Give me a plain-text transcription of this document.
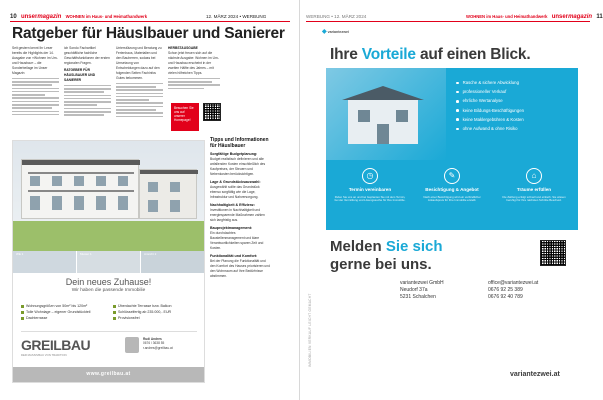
10 unsermagazin WOHNEN im Haus- und Heimathandwerk	12. MÄRZ 2024 • WERBUNG
Ratgeber für Häuslbauer und Sanierer
Seit gestern kennt Ihr Leser bereits die Highlights der 14. Ausgabe von »Wohnen im Um- und Hausbau« – die Sonderbeilage im Unser Magazin
ich Sondo Fachartikel geschäftliche fachliche Geschäftsfunktionen der ersten regionalen Fragen.
RATGEBER FÜR HÄUSLBAUER UND SANIERER
Unterstützung und Beratung zu Ferienhaus, Materialien und den Bauherren, sodass bei Umsetzung von Entscheidungen dazu auf den folgenden Seiten Fachinfos Gutes bekommen.
HERBSTAUSGABE
Schon jetzt freuen sich auf die nächste Ausgabe: Wohnen im Um- und Hausbau erscheint in der zweiten Hälfte des Jahres – mit vielen hilfreichen Tipps.
Besuchen Sie uns auf unserer Homepage!
Tipps und Informationen für Häuslbauer
Sorgfältige Budgetplanung:
Budget realistisch definieren und alle anfallenden Kosten einschließlich des Kaufpreises, der Steuern und Nebenkosten berücksichtigen.
Lage & Grundstücksauswahl:
Ausgewählt sollte das Grundstück ebenso sorgfältig wie die Lage, Infrastruktur und Nahversorgung.
Nachhaltigkeit & Effizienz:
Investitionen in Nachhaltigkeit und energiesparende Maßnahmen zahlen sich langfristig aus.
Bauprojektmanagement:
Ein durchdachtes Baustellenmanagement und klare Verantwortlichkeiten sparen Zeit und Kosten.
Funktionalität und Komfort:
Bei der Planung die Funktionalität und den Komfort des Hauses priorisieren und den Wohnraum auf Ihre Bedürfnisse abstimmen.
WE 1	Muster 1	Ansicht 2
Dein neues Zuhause!
Wir haben die passende Immobilie
Wohnungsgrößen von 50m² bis 120m²
Tolle Wohnlage – eigener Grundstückteil
Dachterrasse
Überdachte Terrasse bzw. Balkon
Schlüsselfertig ab 235.000,- EUR
Provisionsfrei
GREILBAU
DER MASSIVBAU VON TRADITION
Rudi Andres
0676 / 3638 55
r.andres@greilbau.at
www.greilbau.at
WERBUNG • 12. MÄRZ 2024	WOHNEN im Haus- und Heimathandwerk unsermagazin 11
◆ variantezwei
Ihre Vorteile auf einen Blick.
Rasche & sichere Abwicklung
professioneller Verkauf
ehrliche Wertanalyse
keine Bildungs-Beschäftigungen
keine Maklergebühren & Kosten
ohne Aufwand & ohne Risiko
◷
Termin vereinbaren
Rufen Sie uns an und bei Geplanten Sie mit dem Termin, bei der Vermittlung und Lösungssuche für Ihre Immobilie.
✎
Besichtigung & Angebot
Nach einer Besichtigung wird ein verbindlicher Ankaufspreis für Ihre Immobilie erstellt.
⌂
Träume erfüllen
Die Zahlung erfolgt schnell und einfach. Sie wissen beruhigt für Ihre nächsten Schritte Bescheid.
IMMOBILIEN VERKAUF LEICHT GEMACHT
Melden Sie sich
gerne bei uns.
variantezwei GmbH
Neudorf 37a
5231 Schalchen
office@variantezwei.at
0676 92 25 389
0676 92 40 789
variantezwei.at
